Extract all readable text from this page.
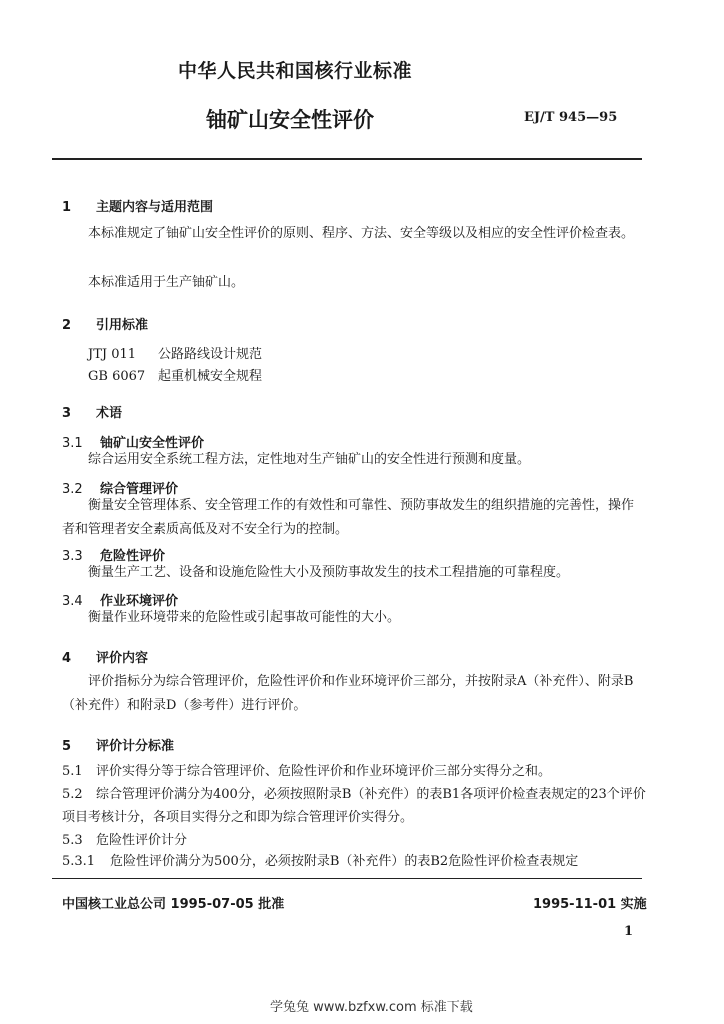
中华人民共和国核行业标准
铀矿山安全性评价	EJ/T 945—95
1 主题内容与适用范围
本标准规定了铀矿山安全性评价的原则、程序、方法、安全等级以及相应的安全性评价检查表。
本标准适用于生产铀矿山。
2 引用标准
JTJ 011 公路路线设计规范
GB 6067 起重机械安全规程
3 术语
3.1 铀矿山安全性评价
综合运用安全系统工程方法，定性地对生产铀矿山的安全性进行预测和度量。
3.2 综合管理评价
衡量安全管理体系、安全管理工作的有效性和可靠性、预防事故发生的组织措施的完善性，操作者和管理者安全素质高低及对不安全行为的控制。
3.3 危险性评价
衡量生产工艺、设备和设施危险性大小及预防事故发生的技术工程措施的可靠程度。
3.4 作业环境评价
衡量作业环境带来的危险性或引起事故可能性的大小。
4 评价内容
评价指标分为综合管理评价，危险性评价和作业环境评价三部分，并按附录A（补充件）、附录B（补充件）和附录D（参考件）进行评价。
5 评价计分标准
5.1 评价实得分等于综合管理评价、危险性评价和作业环境评价三部分实得分之和。
5.2 综合管理评价满分为400分，必须按照附录B（补充件）的表B1各项评价检查表规定的23个评价项目考核计分，各项目实得分之和即为综合管理评价实得分。
5.3 危险性评价计分
5.3.1 危险性评价满分为500分，必须按附录B（补充件）的表B2危险性评价检查表规定
中国核工业总公司 1995-07-05 批准	1995-11-01 实施
1
学兔兔 www.bzfxw.com 标准下载
